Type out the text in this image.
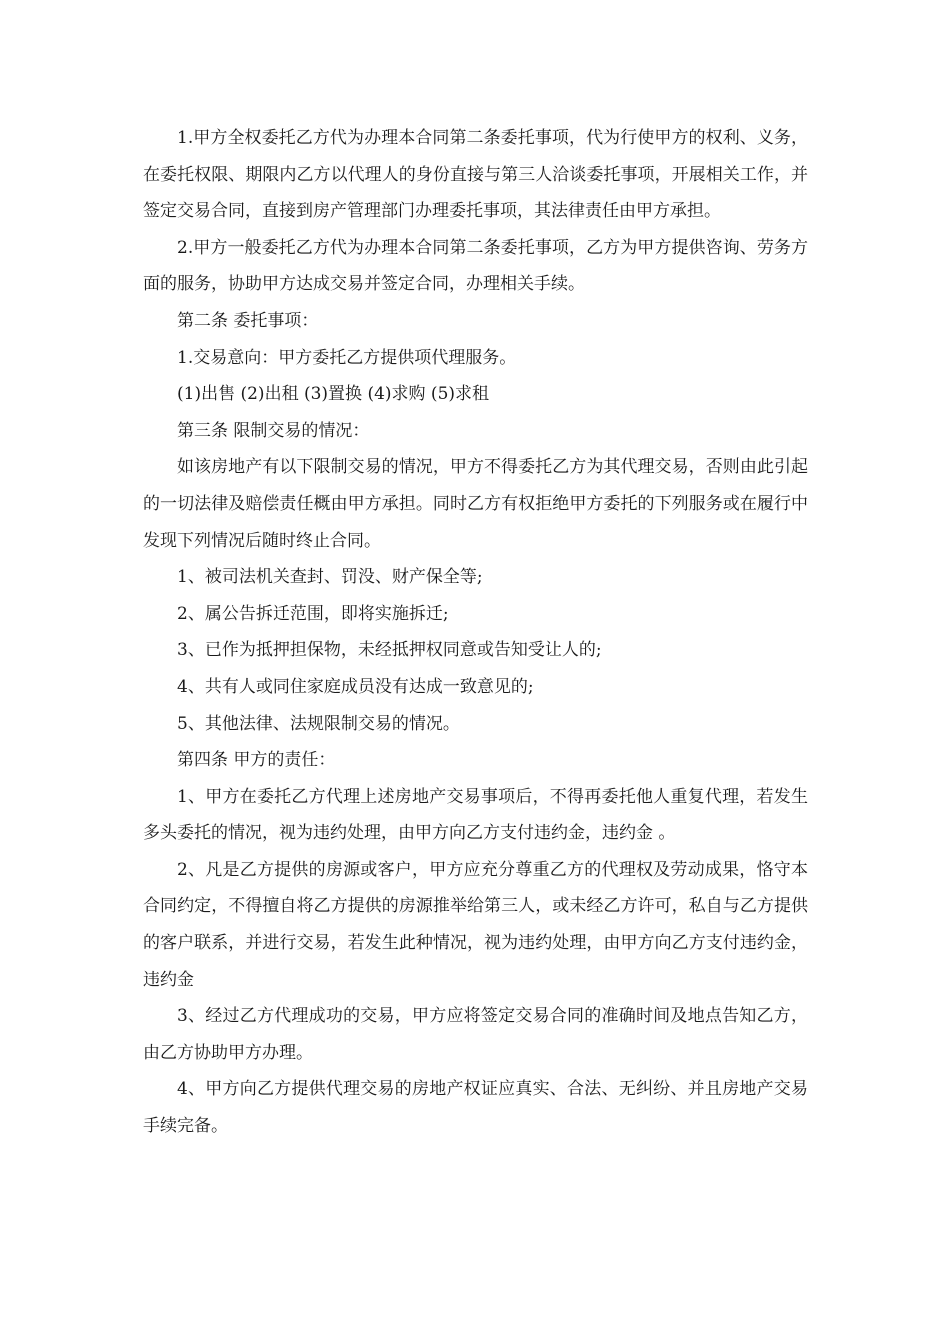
1.甲方全权委托乙方代为办理本合同第二条委托事项，代为行使甲方的权利、义务，在委托权限、期限内乙方以代理人的身份直接与第三人洽谈委托事项，开展相关工作，并签定交易合同，直接到房产管理部门办理委托事项，其法律责任由甲方承担。

2.甲方一般委托乙方代为办理本合同第二条委托事项，乙方为甲方提供咨询、劳务方面的服务，协助甲方达成交易并签定合同，办理相关手续。

第二条 委托事项：

1.交易意向：甲方委托乙方提供项代理服务。

(1)出售 (2)出租 (3)置换 (4)求购 (5)求租

第三条 限制交易的情况：

如该房地产有以下限制交易的情况，甲方不得委托乙方为其代理交易，否则由此引起的一切法律及赔偿责任概由甲方承担。同时乙方有权拒绝甲方委托的下列服务或在履行中发现下列情况后随时终止合同。

1、被司法机关查封、罚没、财产保全等;

2、属公告拆迁范围，即将实施拆迁;

3、已作为抵押担保物，未经抵押权同意或告知受让人的;

4、共有人或同住家庭成员没有达成一致意见的;

5、其他法律、法规限制交易的情况。

第四条 甲方的责任：

1、甲方在委托乙方代理上述房地产交易事项后，不得再委托他人重复代理，若发生多头委托的情况，视为违约处理，由甲方向乙方支付违约金，违约金 。

2、凡是乙方提供的房源或客户，甲方应充分尊重乙方的代理权及劳动成果，恪守本合同约定，不得擅自将乙方提供的房源推举给第三人，或未经乙方许可，私自与乙方提供的客户联系，并进行交易，若发生此种情况，视为违约处理，由甲方向乙方支付违约金，违约金

3、经过乙方代理成功的交易，甲方应将签定交易合同的准确时间及地点告知乙方，由乙方协助甲方办理。

4、甲方向乙方提供代理交易的房地产权证应真实、合法、无纠纷、并且房地产交易手续完备。
